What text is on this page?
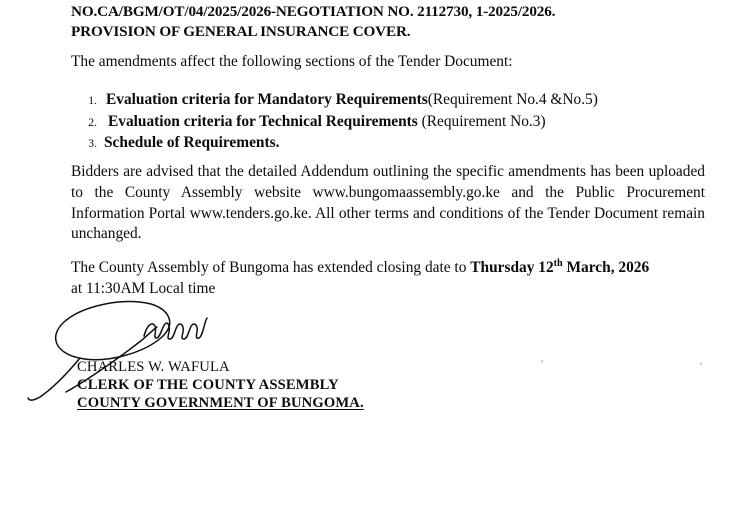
NO.CA/BGM/OT/04/2025/2026-NEGOTIATION NO. 2112730, 1-2025/2026.
PROVISION OF GENERAL INSURANCE COVER.
The amendments affect the following sections of the Tender Document:
1. Evaluation criteria for Mandatory Requirements(Requirement No.4 &No.5)
2. Evaluation criteria for Technical Requirements (Requirement No.3)
3. Schedule of Requirements.
Bidders are advised that the detailed Addendum outlining the specific amendments has been uploaded to the County Assembly website www.bungomaassembly.go.ke and the Public Procurement Information Portal www.tenders.go.ke. All other terms and conditions of the Tender Document remain unchanged.
The County Assembly of Bungoma has extended closing date to Thursday 12th March, 2026
at 11:30AM Local time
CHARLES W. WAFULA
CLERK OF THE COUNTY ASSEMBLY
COUNTY GOVERNMENT OF BUNGOMA.
